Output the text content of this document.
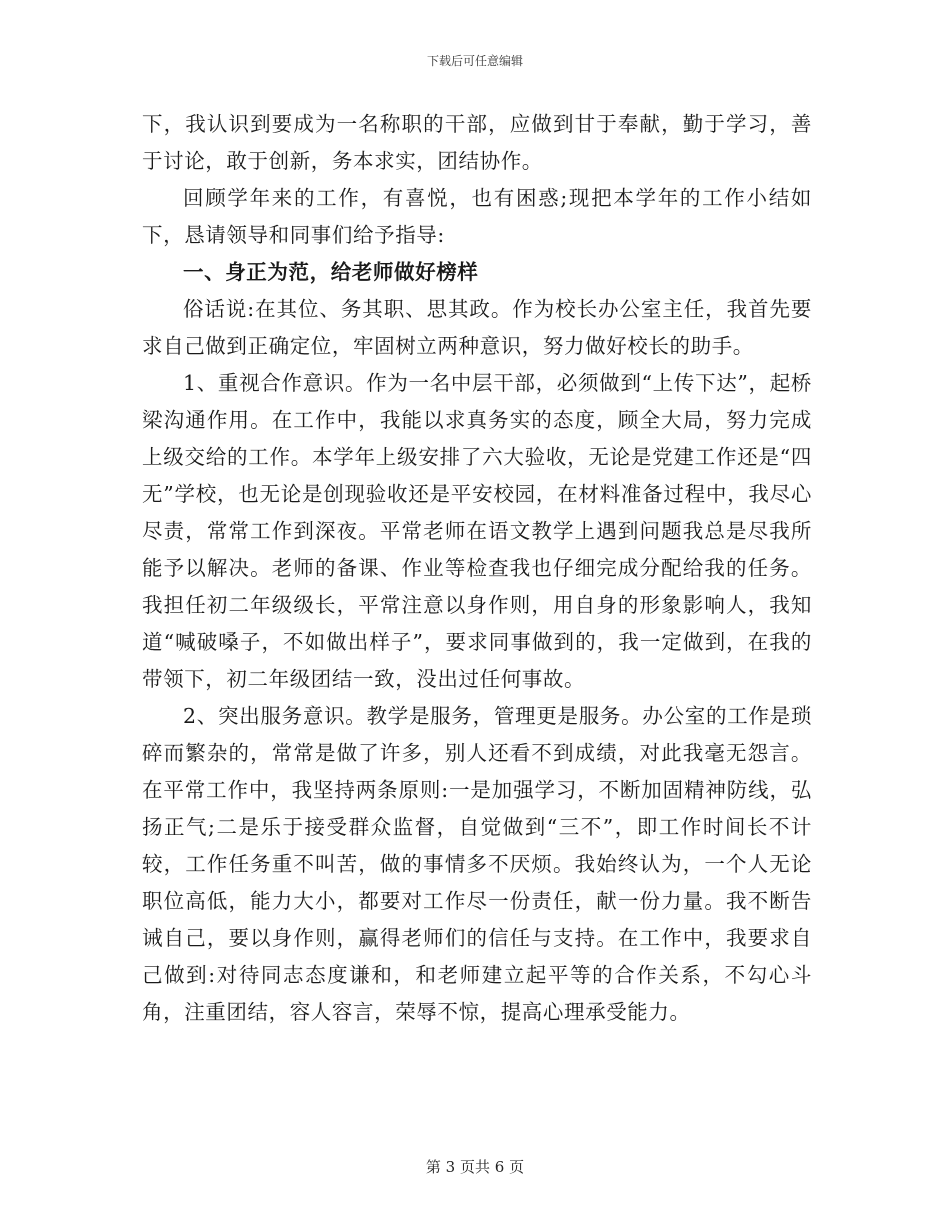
下载后可任意编辑

下，我认识到要成为一名称职的干部，应做到甘于奉献，勤于学习，善于讨论，敢于创新，务本求实，团结协作。

回顾学年来的工作，有喜悦，也有困惑;现把本学年的工作小结如下，恳请领导和同事们给予指导:

一、身正为范，给老师做好榜样

俗话说:在其位、务其职、思其政。作为校长办公室主任，我首先要求自己做到正确定位，牢固树立两种意识，努力做好校长的助手。

1、重视合作意识。作为一名中层干部，必须做到“上传下达”，起桥梁沟通作用。在工作中，我能以求真务实的态度，顾全大局，努力完成上级交给的工作。本学年上级安排了六大验收，无论是党建工作还是“四无”学校，也无论是创现验收还是平安校园，在材料准备过程中，我尽心尽责，常常工作到深夜。平常老师在语文教学上遇到问题我总是尽我所能予以解决。老师的备课、作业等检查我也仔细完成分配给我的任务。我担任初二年级级长，平常注意以身作则，用自身的形象影响人，我知道“喊破嗓子，不如做出样子”，要求同事做到的，我一定做到，在我的带领下，初二年级团结一致，没出过任何事故。

2、突出服务意识。教学是服务，管理更是服务。办公室的工作是琐碎而繁杂的，常常是做了许多，别人还看不到成绩，对此我毫无怨言。在平常工作中，我坚持两条原则:一是加强学习，不断加固精神防线，弘扬正气;二是乐于接受群众监督，自觉做到“三不”，即工作时间长不计较，工作任务重不叫苦，做的事情多不厌烦。我始终认为，一个人无论职位高低，能力大小，都要对工作尽一份责任，献一份力量。我不断告诫自己，要以身作则，赢得老师们的信任与支持。在工作中，我要求自己做到:对待同志态度谦和，和老师建立起平等的合作关系，不勾心斗角，注重团结，容人容言，荣辱不惊，提高心理承受能力。

第 3 页共 6 页
